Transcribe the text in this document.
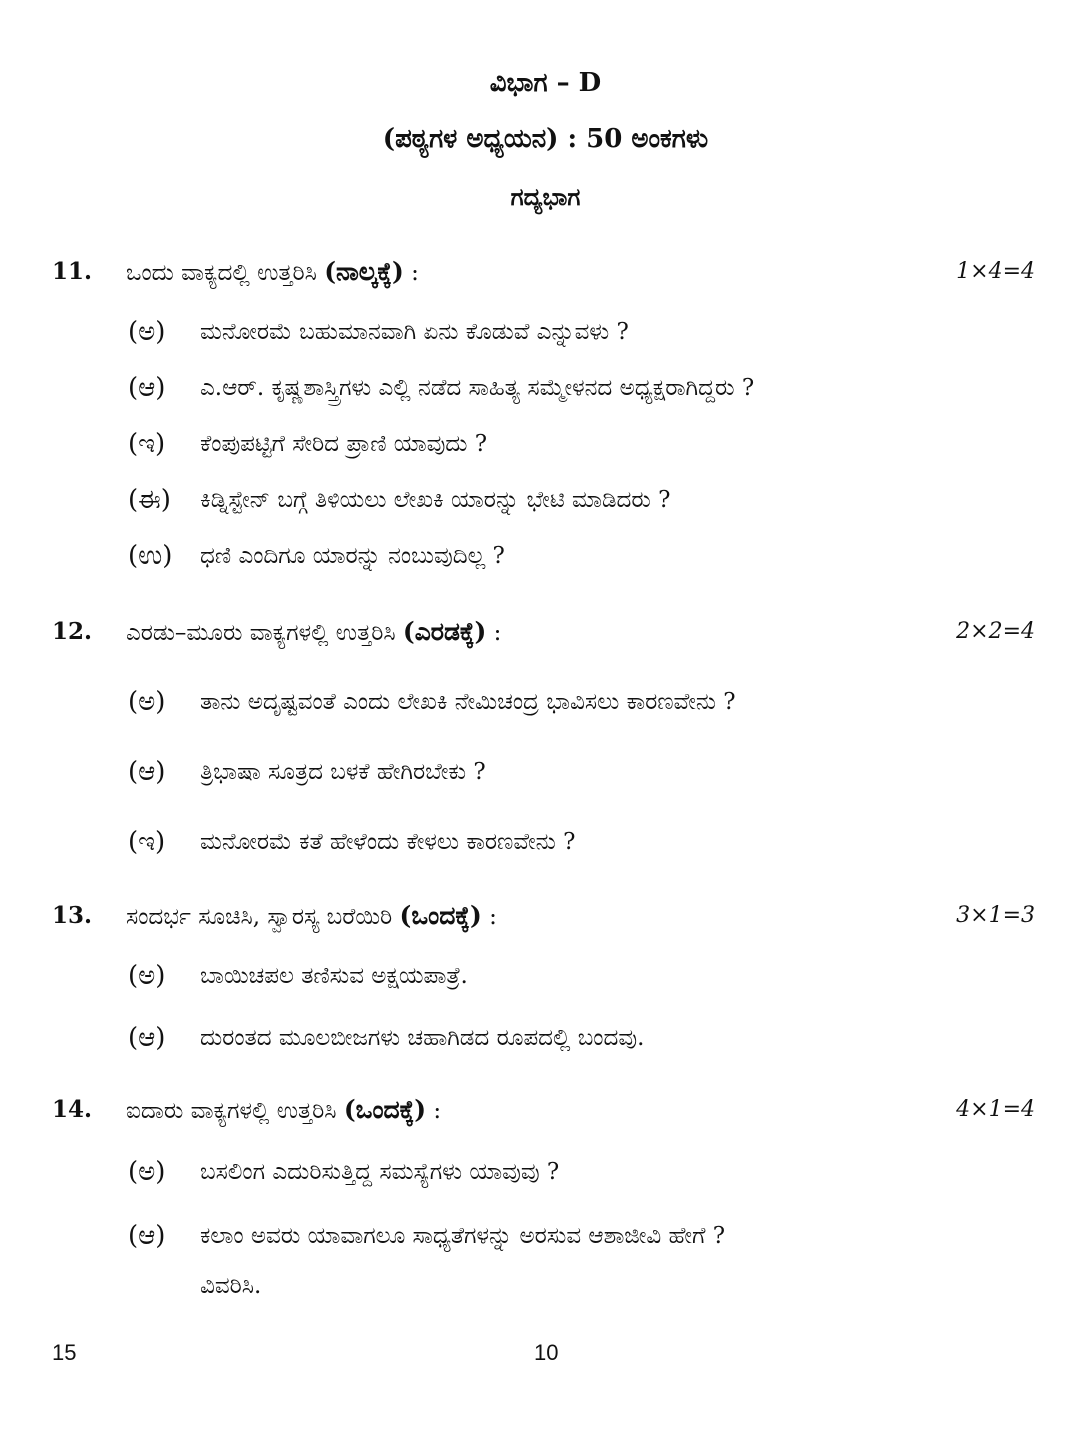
ವಿಭಾಗ – D
(ಪಠ್ಯಗಳ ಅಧ್ಯಯನ) : 50 ಅಂಕಗಳು
ಗದ್ಯಭಾಗ
11. ಒಂದು ವಾಕ್ಯದಲ್ಲಿ ಉತ್ತರಿಸಿ (ನಾಲ್ಕಕ್ಕೆ) :	1×4=4
(ಅ) ಮನೋರಮೆ ಬಹುಮಾನವಾಗಿ ಏನು ಕೊಡುವೆ ಎನ್ನುವಳು ?
(ಆ) ಎ.ಆರ್. ಕೃಷ್ಣಶಾಸ್ತ್ರಿಗಳು ಎಲ್ಲಿ ನಡೆದ ಸಾಹಿತ್ಯ ಸಮ್ಮೇಳನದ ಅಧ್ಯಕ್ಷರಾಗಿದ್ದರು ?
(ಇ) ಕೆಂಪುಪಟ್ಟಿಗೆ ಸೇರಿದ ಪ್ರಾಣಿ ಯಾವುದು ?
(ಈ) ಕಿಡ್ನಿಸ್ಟೇನ್ ಬಗ್ಗೆ ತಿಳಿಯಲು ಲೇಖಕಿ ಯಾರನ್ನು ಭೇಟಿ ಮಾಡಿದರು ?
(ಉ) ಧಣಿ ಎಂದಿಗೂ ಯಾರನ್ನು ನಂಬುವುದಿಲ್ಲ ?
12. ಎರಡು–ಮೂರು ವಾಕ್ಯಗಳಲ್ಲಿ ಉತ್ತರಿಸಿ (ಎರಡಕ್ಕೆ) :	2×2=4
(ಅ) ತಾನು ಅದೃಷ್ಟವಂತೆ ಎಂದು ಲೇಖಕಿ ನೇಮಿಚಂದ್ರ ಭಾವಿಸಲು ಕಾರಣವೇನು ?
(ಆ) ತ್ರಿಭಾಷಾ ಸೂತ್ರದ ಬಳಕೆ ಹೇಗಿರಬೇಕು ?
(ಇ) ಮನೋರಮೆ ಕತೆ ಹೇಳೆಂದು ಕೇಳಲು ಕಾರಣವೇನು ?
13. ಸಂದರ್ಭ ಸೂಚಿಸಿ, ಸ್ವಾರಸ್ಯ ಬರೆಯಿರಿ (ಒಂದಕ್ಕೆ) :	3×1=3
(ಅ) ಬಾಯಿಚಪಲ ತಣಿಸುವ ಅಕ್ಷಯಪಾತ್ರೆ.
(ಆ) ದುರಂತದ ಮೂಲಬೀಜಗಳು ಚಹಾಗಿಡದ ರೂಪದಲ್ಲಿ ಬಂದವು.
14. ಐದಾರು ವಾಕ್ಯಗಳಲ್ಲಿ ಉತ್ತರಿಸಿ (ಒಂದಕ್ಕೆ) :	4×1=4
(ಅ) ಬಸಲಿಂಗ ಎದುರಿಸುತ್ತಿದ್ದ ಸಮಸ್ಯೆಗಳು ಯಾವುವು ?
(ಆ) ಕಲಾಂ ಅವರು ಯಾವಾಗಲೂ ಸಾಧ್ಯತೆಗಳನ್ನು ಅರಸುವ ಆಶಾಜೀವಿ ಹೇಗೆ ?
ವಿವರಿಸಿ.
15	10
